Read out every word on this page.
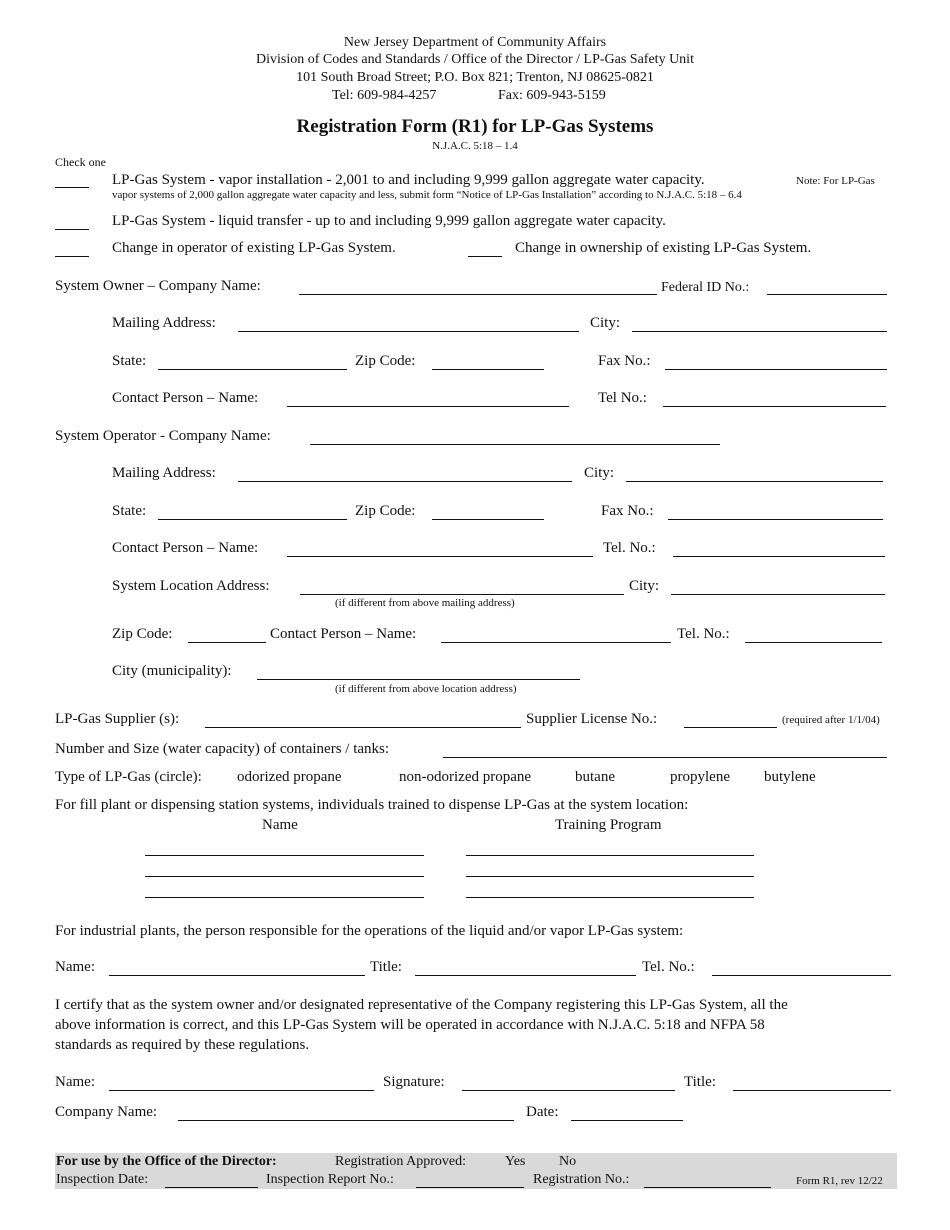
New Jersey Department of Community Affairs
Division of Codes and Standards / Office of the Director / LP-Gas Safety Unit
101 South Broad Street; P.O. Box 821; Trenton, NJ 08625-0821
Tel: 609-984-4257	Fax: 609-943-5159
Registration Form (R1) for LP-Gas Systems
N.J.A.C. 5:18 – 1.4
Check one
LP-Gas System - vapor installation - 2,001 to and including 9,999 gallon aggregate water capacity.	Note: For LP-Gas
vapor systems of 2,000 gallon aggregate water capacity and less, submit form “Notice of LP-Gas Installation” according to N.J.A.C. 5:18 – 6.4
LP-Gas System - liquid transfer - up to and including 9,999 gallon aggregate water capacity.
Change in operator of existing LP-Gas System.	Change in ownership of existing LP-Gas System.
System Owner – Company Name:	Federal ID No.:
Mailing Address:	City:
State:	Zip Code:	Fax No.:
Contact Person – Name:	Tel No.:
System Operator - Company Name:
Mailing Address:	City:
State:	Zip Code:	Fax No.:
Contact Person – Name:	Tel. No.:
System Location Address:	City:
(if different from above mailing address)
Zip Code:	Contact Person – Name:	Tel. No.:
City (municipality):
(if different from above location address)
LP-Gas Supplier (s):	Supplier License No.:	(required after 1/1/04)
Number and Size (water capacity) of containers / tanks:
Type of LP-Gas (circle): odorized propane	non-odorized propane	butane	propylene butylene
For fill plant or dispensing station systems, individuals trained to dispense LP-Gas at the system location:
Name	Training Program
For industrial plants, the person responsible for the operations of the liquid and/or vapor LP-Gas system:
Name:	Title:	Tel. No.:
I certify that as the system owner and/or designated representative of the Company registering this LP-Gas System, all the
above information is correct, and this LP-Gas System will be operated in accordance with N.J.A.C. 5:18 and NFPA 58
standards as required by these regulations.
Name:	Signature:	Title:
Company Name:	Date:
For use by the Office of the Director:	Registration Approved:	Yes No
Inspection Date:	Inspection Report No.:	Registration No.:	Form R1, rev 12/22
